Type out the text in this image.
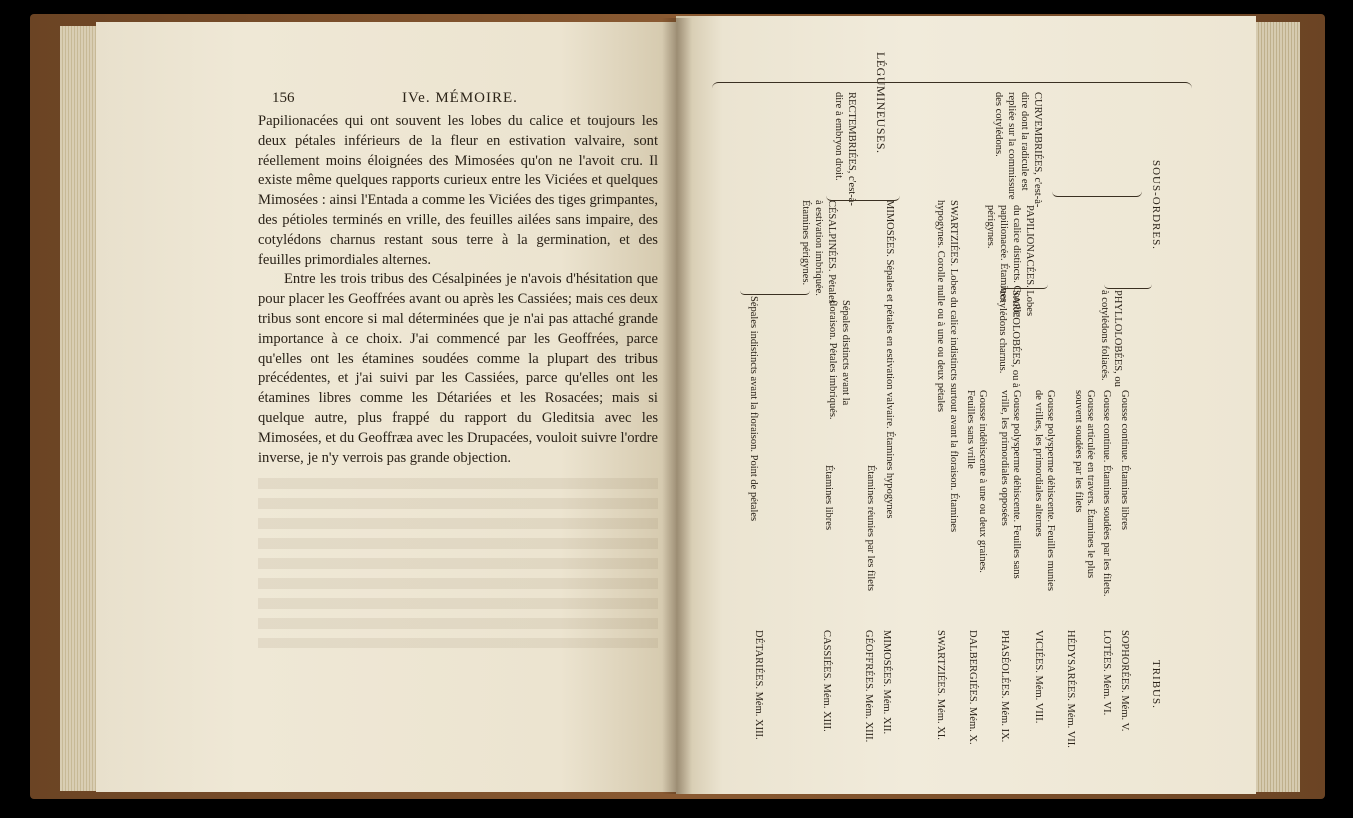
156	IVe. MÉMOIRE.

Papilionacées qui ont souvent les lobes du calice et toujours les deux pétales inférieurs de la fleur en estivation valvaire, sont réellement moins éloignées des Mimosées qu'on ne l'avoit cru. Il existe même quelques rapports curieux entre les Viciées et quelques Mimosées : ainsi l'Entada a comme les Viciées des tiges grimpantes, des pétioles terminés en vrille, des feuilles ailées sans impaire, des cotylédons charnus restant sous terre à la germination, et des feuilles primordiales alternes.

Entre les trois tribus des Césalpinées je n'avois d'hésitation que pour placer les Geoffrées avant ou après les Cassiées; mais ces deux tribus sont encore si mal déterminées que je n'ai pas attaché grande importance à ce choix. J'ai commencé par les Geoffrées, parce qu'elles ont les étamines soudées comme la plupart des tribus précédentes, et j'ai suivi par les Cassiées, parce qu'elles ont les étamines libres comme les Détariées et les Rosacées; mais si quelque autre, plus frappé du rapport du Gleditsia avec les Mimosées, et du Geoffræa avec les Drupacées, vouloit suivre l'ordre inverse, je n'y verrois pas grande objection.

LÉGUMINEUSES.
SOUS-ORDRES.
TRIBUS.
CURVEMBRIÉES, c'est-à-dire dont la radicule est repliée sur la commissure des cotylédons.
RECTEMBRIÉES, c'est-à-dire à embryon droit.
PAPILIONACÉES. Lobes du calice distincts. Corolle papilionacée. Étamines périgynes.
PHYLLOLOBÉES, ou à cotylédons foliacés.
SARCOLOBÉES, ou à cotylédons charnus.
SWARTZIÉES. Lobes du calice indistincts surtout avant la floraison. Étamines hypogynes. Corolle nulle ou à une ou deux pétales
MIMOSÉES. Sépales et pétales en estivation valvaire. Étamines hypogynes
CÉSALPINÉES. Pétales à estivation imbriquée. Étamines périgynes.
Sépales distincts avant la floraison. Pétales imbriqués.
Sépales indistincts avant la floraison. Point de pétales	Gousse continue. Étamines libres
Gousse continue. Étamines soudées par les filets.
Gousse articulée en travers. Étamines le plus souvent soudées par les filets
Gousse polysperme déhiscente. Feuilles munies de vrilles, les primordiales alternes
Gousse polysperme déhiscente. Feuilles sans vrille, les primordiales opposées
Gousse indéhiscente à une ou deux graines. Feuilles sans vrille
Étamines réunies par les filets
Étamines libres
SOPHORÉES. Mém. V.
LOTÉES. Mém. VI.
HÉDYSARÉES. Mém. VII.
VICIÉES. Mém. VIII.
PHASÉOLÉES. Mém. IX.
DALBERGIÉES. Mém. X.
SWARTZIÉES. Mém. XI.
MIMOSÉES. Mém. XII.
GÉOFFRÉES. Mém. XIII.
CASSIÉES. Mém. XIII.
DÉTARIÉES. Mém. XIII.
